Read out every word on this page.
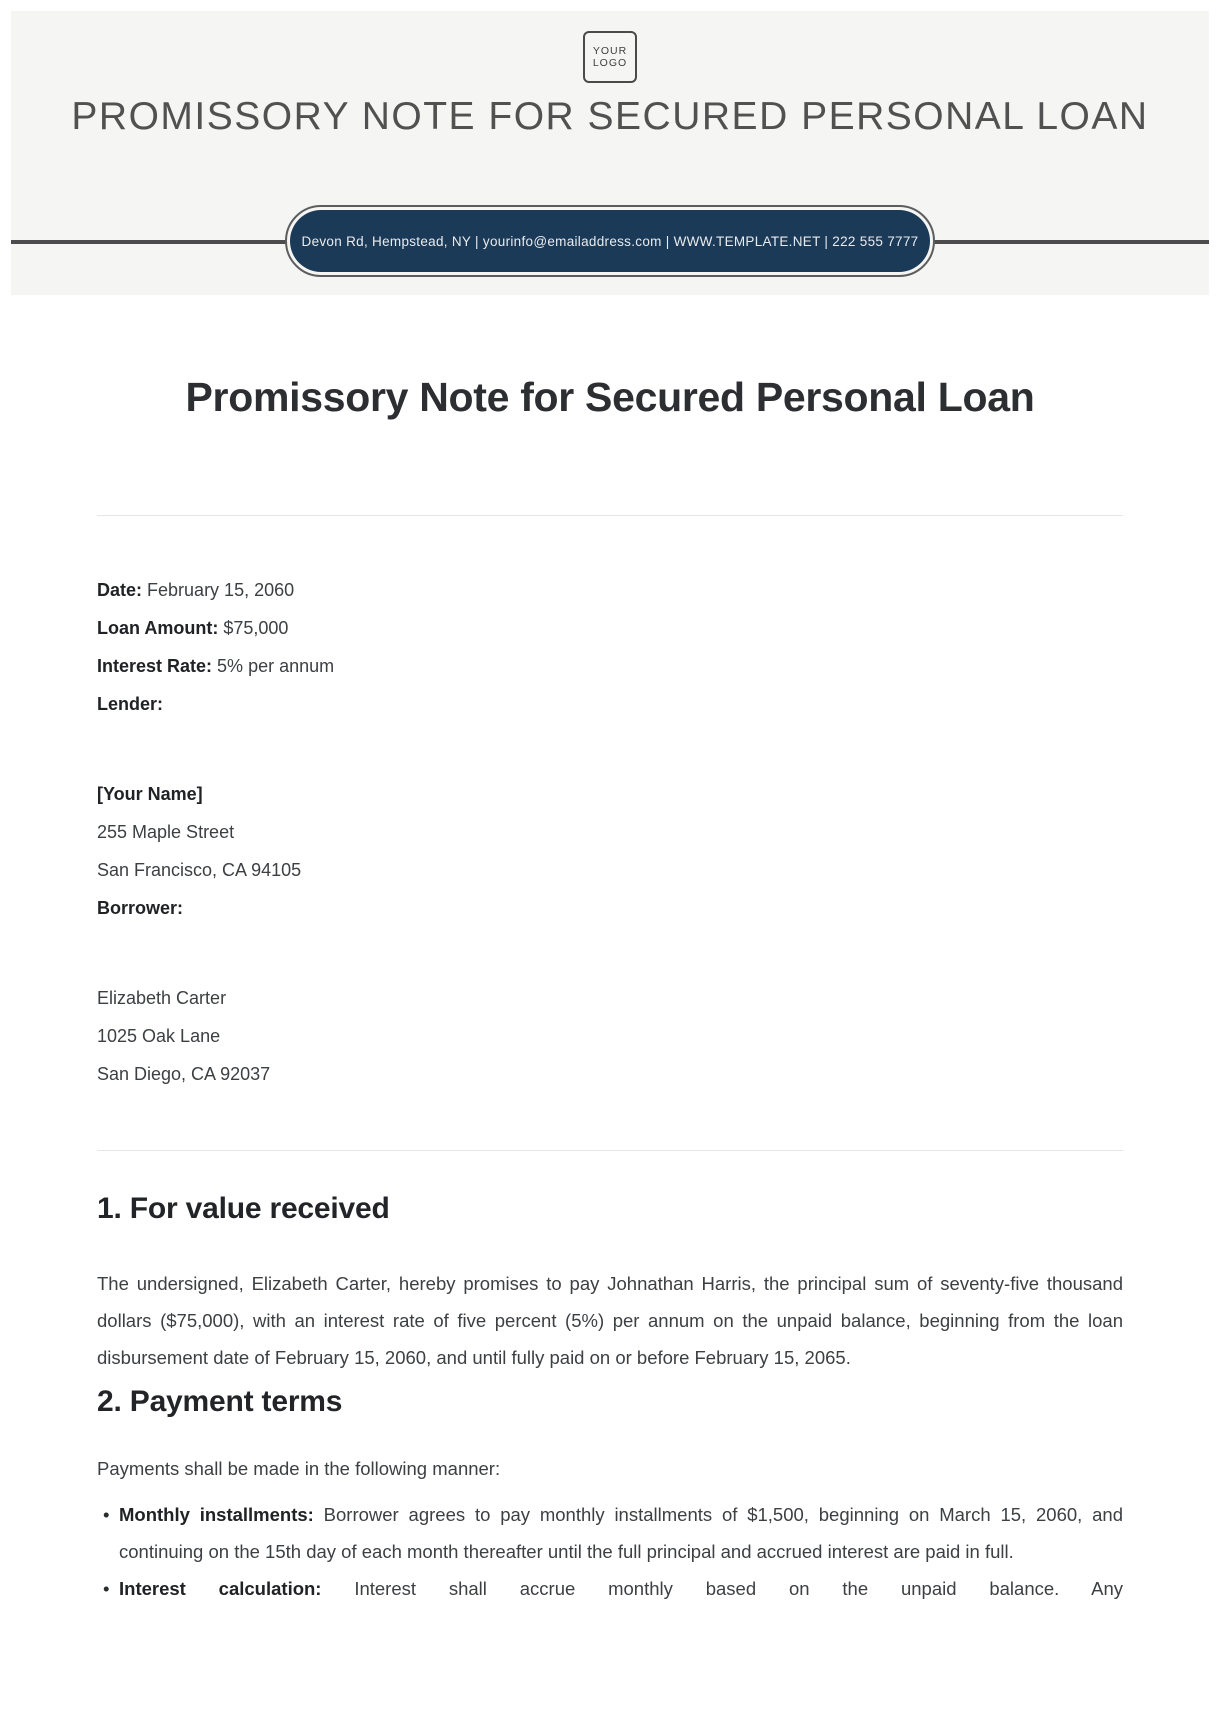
YOUR
LOGO
PROMISSORY NOTE FOR SECURED PERSONAL LOAN
Devon Rd, Hempstead, NY | yourinfo@emailaddress.com | WWW.TEMPLATE.NET | 222 555 7777
Promissory Note for Secured Personal Loan
Date: February 15, 2060
Loan Amount: $75,000
Interest Rate: 5% per annum
Lender:
[Your Name]
255 Maple Street
San Francisco, CA 94105
Borrower:
Elizabeth Carter
1025 Oak Lane
San Diego, CA 92037
1. For value received

The undersigned, Elizabeth Carter, hereby promises to pay Johnathan Harris, the principal sum of seventy-five thousand dollars ($75,000), with an interest rate of five percent (5%) per annum on the unpaid balance, beginning from the loan disbursement date of February 15, 2060, and until fully paid on or before February 15, 2065.

2. Payment terms

Payments shall be made in the following manner:

• Monthly installments: Borrower agrees to pay monthly installments of $1,500, beginning on March 15, 2060, and continuing on the 15th day of each month thereafter until the full principal and accrued interest are paid in full.
• Interest calculation: Interest shall accrue monthly based on the unpaid balance. Any
